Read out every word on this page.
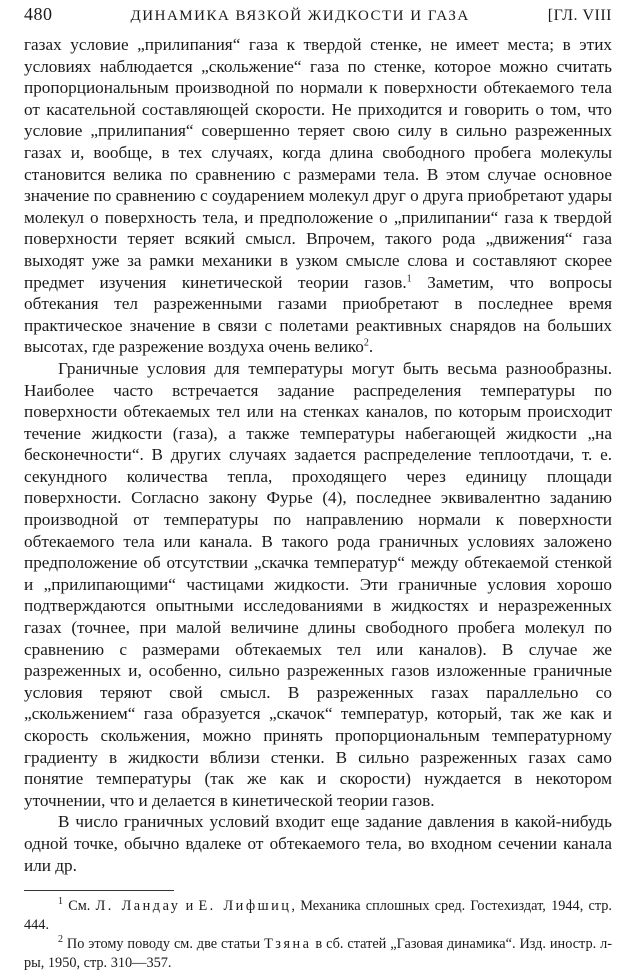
480	ДИНАМИКА ВЯЗКОЙ ЖИДКОСТИ И ГАЗА	[ГЛ. VIII

газах условие „прилипания“ газа к твердой стенке, не имеет места; в этих условиях наблюдается „скольжение“ газа по стенке, которое можно считать пропорциональным производной по нормали к поверхности обтекаемого тела от касательной составляющей скорости. Не приходится и говорить о том, что условие „прилипания“ совершенно теряет свою силу в сильно разреженных газах и, вообще, в тех случаях, когда длина свободного пробега молекулы становится велика по сравнению с размерами тела. В этом случае основное значение по сравнению с соударением молекул друг о друга приобретают удары молекул о поверхность тела, и предположение о „прилипании“ газа к твердой поверхности теряет всякий смысл. Впрочем, такого рода „движения“ газа выходят уже за рамки механики в узком смысле слова и составляют скорее предмет изучения кинетической теории газов.$^1$ Заметим, что вопросы обтекания тел разреженными газами приобретают в последнее время практическое значение в связи с полетами реактивных снарядов на больших высотах, где разрежение воздуха очень велико$^2$.

Граничные условия для температуры могут быть весьма разнообразны. Наиболее часто встречается задание распределения температуры по поверхности обтекаемых тел или на стенках каналов, по которым происходит течение жидкости (газа), а также температуры набегающей жидкости „на бесконечности“. В других случаях задается распределение теплоотдачи, т. е. секундного количества тепла, проходящего через единицу площади поверхности. Согласно закону Фурье (4), последнее эквивалентно заданию производной от температуры по направлению нормали к поверхности обтекаемого тела или канала. В такого рода граничных условиях заложено предположение об отсутствии „скачка температур“ между обтекаемой стенкой и „прилипающими“ частицами жидкости. Эти граничные условия хорошо подтверждаются опытными исследованиями в жидкостях и неразреженных газах (точнее, при малой величине длины свободного пробега молекул по сравнению с размерами обтекаемых тел или каналов). В случае же разреженных и, особенно, сильно разреженных газов изложенные граничные условия теряют свой смысл. В разреженных газах параллельно со „скольжением“ газа образуется „скачок“ температур, который, так же как и скорость скольжения, можно принять пропорциональным температурному градиенту в жидкости вблизи стенки. В сильно разреженных газах само понятие температуры (так же как и скорости) нуждается в некотором уточнении, что и делается в кинетической теории газов.

В число граничных условий входит еще задание давления в какой-нибудь одной точке, обычно вдалеке от обтекаемого тела, во входном сечении канала или др.

$^1$ См. Л. Ландау и Е. Лифшиц, Механика сплошных сред. Гостехиздат, 1944, стр. 444.

$^2$ По этому поводу см. две статьи Тзяна в сб. статей „Газовая динамика“. Изд. иностр. л-ры, 1950, стр. 310—357.
